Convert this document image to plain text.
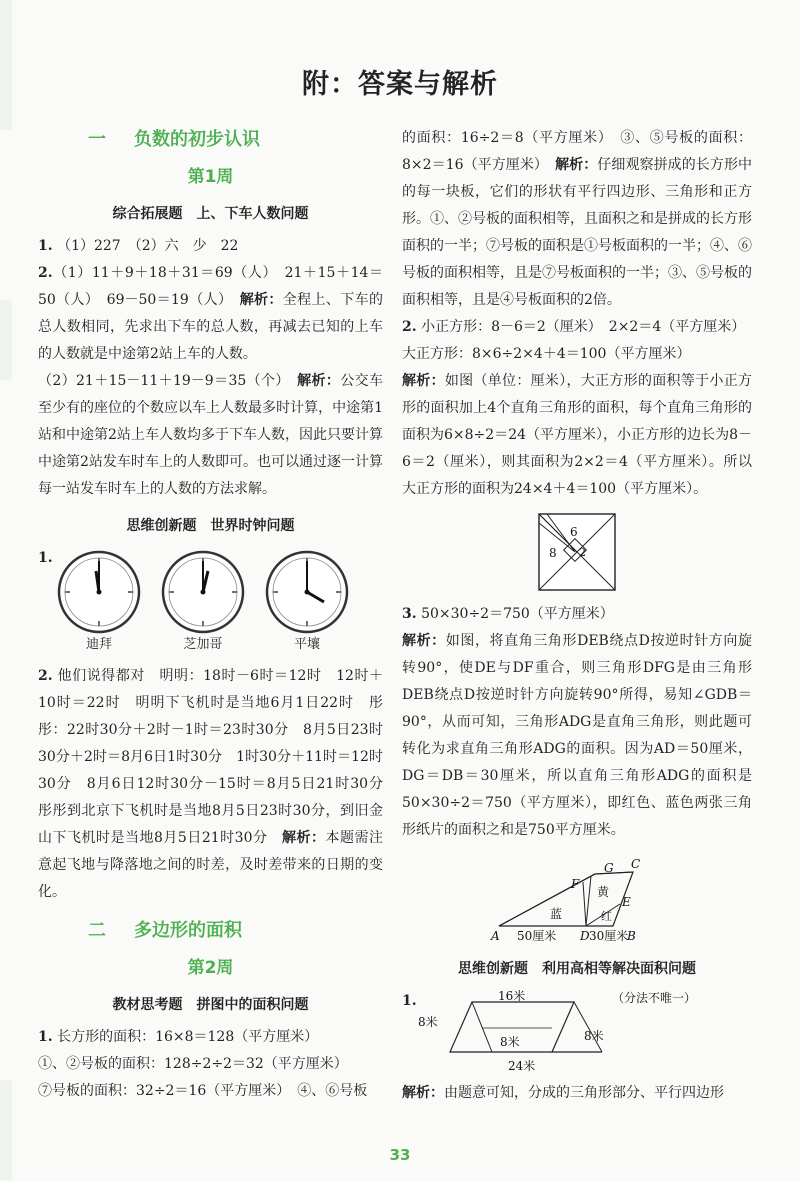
附：答案与解析
一 负数的初步认识
第1周
综合拓展题　上、下车人数问题

1. （1）227　（2）六　少　22

2.（1）11＋9＋18＋31＝69（人）　21＋15＋14＝50（人）　69－50＝19（人）　解析：全程上、下车的总人数相同，先求出下车的总人数，再减去已知的上车的人数就是中途第2站上车的人数。

（2）21＋15－11＋19－9＝35（个）　解析：公交车至少有的座位的个数应以车上人数最多时计算，中途第1站和中途第2站上车人数均多于下车人数，因此只要计算中途第2站发车时车上的人数即可。也可以通过逐一计算每一站发车时车上的人数的方法求解。

思维创新题　世界时钟问题
1.
迪拜	芝加哥	平壤

2. 他们说得都对　明明：18时－6时＝12时　12时＋10时＝22时　明明下飞机时是当地6月1日22时　彤彤：22时30分＋2时－1时＝23时30分　8月5日23时30分＋2时＝8月6日1时30分　1时30分＋11时＝12时30分　8月6日12时30分－15时＝8月5日21时30分　彤彤到北京下飞机时是当地8月5日23时30分，到旧金山下飞机时是当地8月5日21时30分　解析：本题需注意起飞地与降落地之间的时差，及时差带来的日期的变化。

二 多边形的面积
第2周
教材思考题　拼图中的面积问题

1. 长方形的面积：16×8＝128（平方厘米）

①、②号板的面积：128÷2÷2＝32（平方厘米）

⑦号板的面积：32÷2＝16（平方厘米）　④、⑥号板

的面积：16÷2＝8（平方厘米）　③、⑤号板的面积：8×2＝16（平方厘米）　解析：仔细观察拼成的长方形中的每一块板，它们的形状有平行四边形、三角形和正方形。①、②号板的面积相等，且面积之和是拼成的长方形面积的一半；⑦号板的面积是①号板面积的一半；④、⑥号板的面积相等，且是⑦号板面积的一半；③、⑤号板的面积相等，且是④号板面积的2倍。

2. 小正方形：8－6＝2（厘米）　2×2＝4（平方厘米）

大正方形：8×6÷2×4＋4＝100（平方厘米）

解析：如图（单位：厘米），大正方形的面积等于小正方形的面积加上4个直角三角形的面积，每个直角三角形的面积为6×8÷2＝24（平方厘米），小正方形的边长为8－6＝2（厘米），则其面积为2×2＝4（平方厘米）。所以大正方形的面积为24×4＋4＝100（平方厘米）。

6
8 2

3. 50×30÷2＝750（平方厘米）

解析：如图，将直角三角形DEB绕点D按逆时针方向旋转90°，使DE与DF重合，则三角形DFG是由三角形DEB绕点D按逆时针方向旋转90°所得，易知∠GDB＝90°，从而可知，三角形ADG是直角三角形，则此题可转化为求直角三角形ADG的面积。因为AD＝50厘米，DG＝DB＝30厘米，所以直角三角形ADG的面积是50×30÷2＝750（平方厘米），即红色、蓝色两张三角形纸片的面积之和是750平方厘米。

A	B
C
D
E
F
G
蓝
黄
红
50厘米	30厘米
思维创新题　利用高相等解决面积问题
1.	16米
8米
8米	8米
24米
（分法不唯一）

解析：由题意可知，分成的三角形部分、平行四边形

33
